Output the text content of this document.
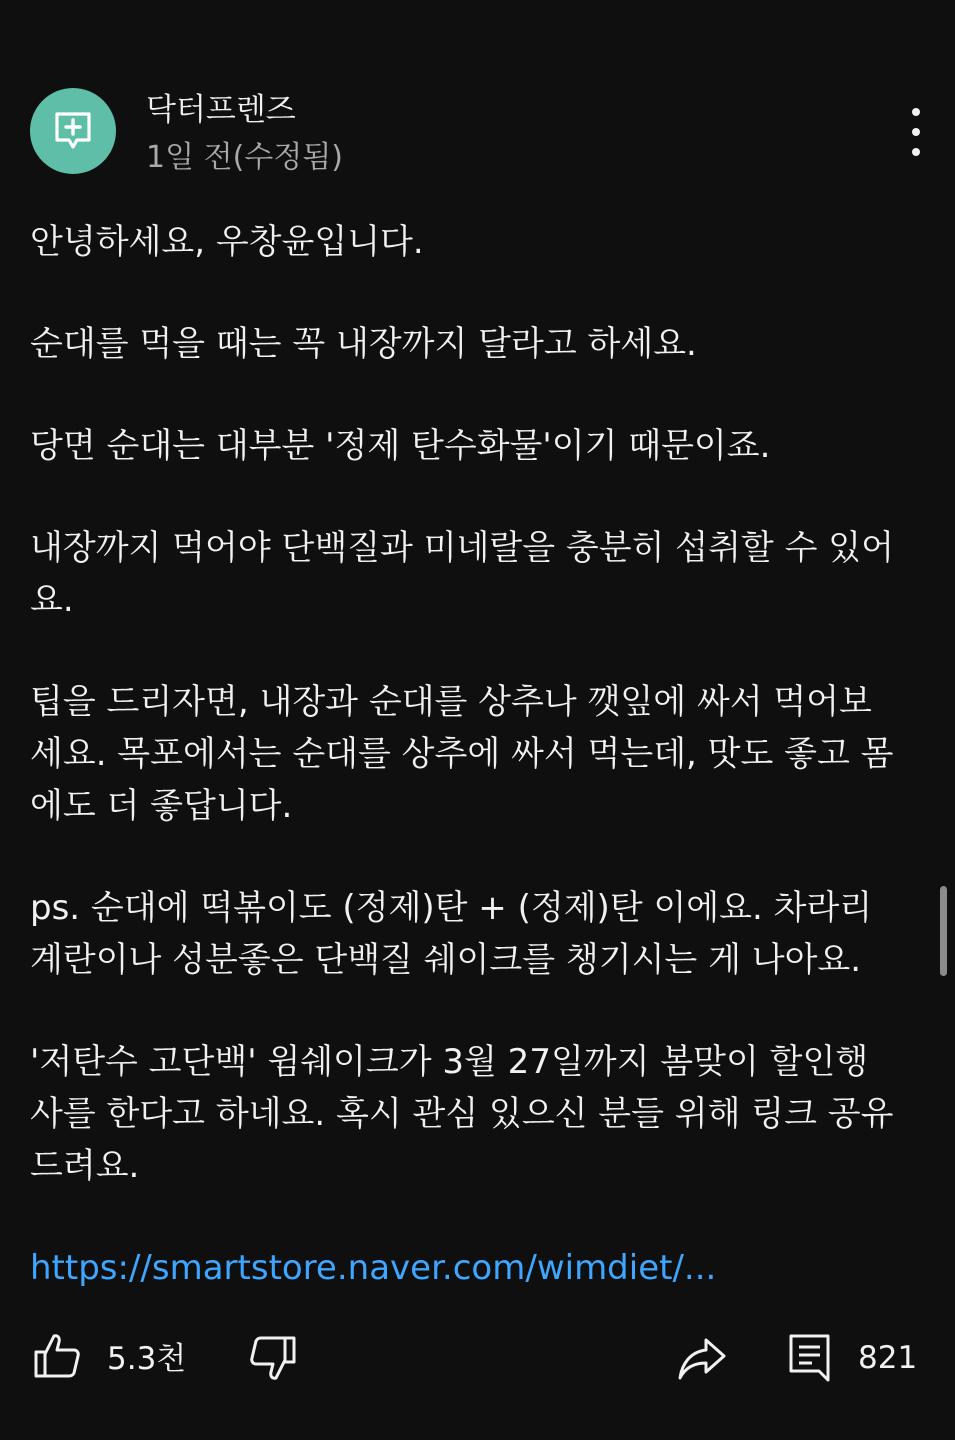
닥터프렌즈
1일 전(수정됨)

안녕하세요, 우창윤입니다.

순대를 먹을 때는 꼭 내장까지 달라고 하세요.

당면 순대는 대부분 '정제 탄수화물'이기 때문이죠.

내장까지 먹어야 단백질과 미네랄을 충분히 섭취할 수 있어
요.

팁을 드리자면, 내장과 순대를 상추나 깻잎에 싸서 먹어보
세요. 목포에서는 순대를 상추에 싸서 먹는데, 맛도 좋고 몸
에도 더 좋답니다.

ps. 순대에 떡볶이도 (정제)탄 + (정제)탄 이에요. 차라리
계란이나 성분좋은 단백질 쉐이크를 챙기시는 게 나아요.

'저탄수 고단백' 윔쉐이크가 3월 27일까지 봄맞이 할인행
사를 한다고 하네요. 혹시 관심 있으신 분들 위해 링크 공유
드려요.

https://smartstore.naver.com/wimdiet/...

5.3천	821
